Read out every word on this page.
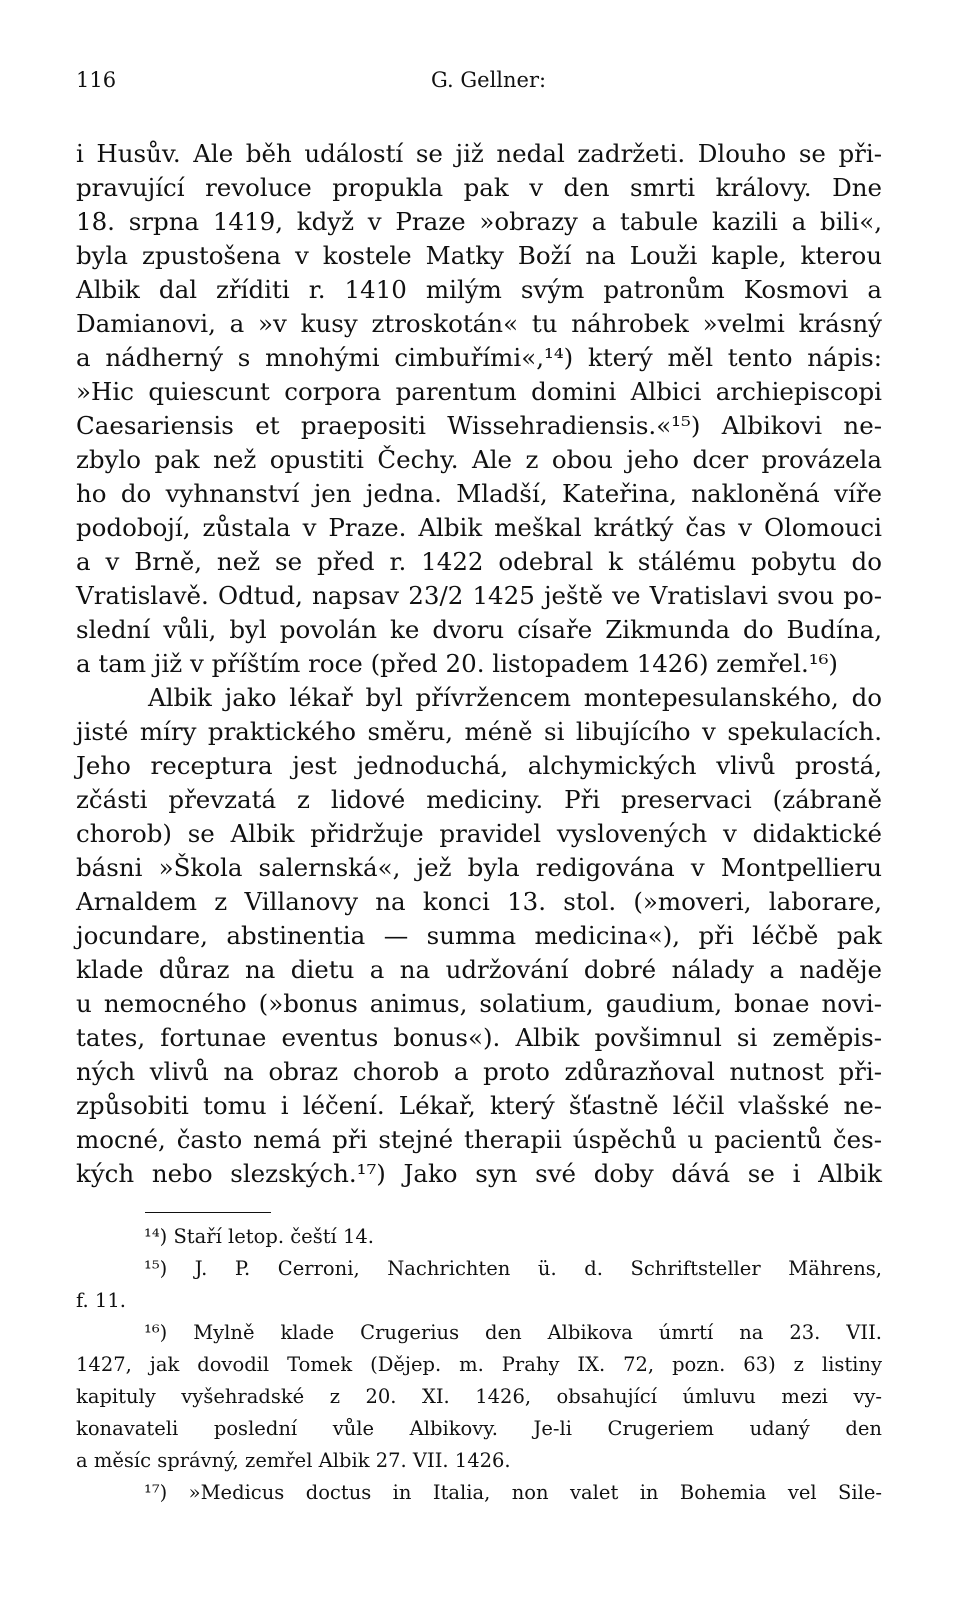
116	G. Gellner:
i Husův. Ale běh událostí se již nedal zadržeti. Dlouho se při-
pravující revoluce propukla pak v den smrti královy. Dne
18. srpna 1419, když v Praze »obrazy a tabule kazili a bili«,
byla zpustošena v kostele Matky Boží na Louži kaple, kterou
Albik dal zříditi r. 1410 milým svým patronům Kosmovi a
Damianovi, a »v kusy ztroskotán« tu náhrobek »velmi krásný
a nádherný s mnohými cimbuřími«,¹⁴) který měl tento nápis:
»Hic quiescunt corpora parentum domini Albici archiepiscopi
Caesariensis et praepositi Wissehradiensis.«¹⁵) Albikovi ne-
zbylo pak než opustiti Čechy. Ale z obou jeho dcer provázela
ho do vyhnanství jen jedna. Mladší, Kateřina, nakloněná víře
podobojí, zůstala v Praze. Albik meškal krátký čas v Olomouci
a v Brně, než se před r. 1422 odebral k stálému pobytu do
Vratislavě. Odtud, napsav 23/2 1425 ještě ve Vratislavi svou po-
slední vůli, byl povolán ke dvoru císaře Zikmunda do Budína,
a tam již v příštím roce (před 20. listopadem 1426) zemřel.¹⁶)
Albik jako lékař byl přívržencem montepesulanského, do
jisté míry praktického směru, méně si libujícího v spekulacích.
Jeho receptura jest jednoduchá, alchymických vlivů prostá,
zčásti převzatá z lidové mediciny. Při preservaci (zábraně
chorob) se Albik přidržuje pravidel vyslovených v didaktické
básni »Škola salernská«, jež byla redigována v Montpellieru
Arnaldem z Villanovy na konci 13. stol. (»moveri, laborare,
jocundare, abstinentia — summa medicina«), při léčbě pak
klade důraz na dietu a na udržování dobré nálady a naděje
u nemocného (»bonus animus, solatium, gaudium, bonae novi-
tates, fortunae eventus bonus«). Albik povšimnul si zeměpis-
ných vlivů na obraz chorob a proto zdůrazňoval nutnost při-
způsobiti tomu i léčení. Lékař, který šťastně léčil vlašské ne-
mocné, často nemá při stejné therapii úspěchů u pacientů čes-
kých nebo slezských.¹⁷) Jako syn své doby dává se i Albik
¹⁴) Staří letop. čeští 14.
¹⁵) J. P. Cerroni, Nachrichten ü. d. Schriftsteller Mährens,
f. 11.
¹⁶) Mylně klade Crugerius den Albikova úmrtí na 23. VII.
1427, jak dovodil Tomek (Dějep. m. Prahy IX. 72, pozn. 63) z listiny
kapituly vyšehradské z 20. XI. 1426, obsahující úmluvu mezi vy-
konavateli poslední vůle Albikovy. Je-li Crugeriem udaný den
a měsíc správný, zemřel Albik 27. VII. 1426.
¹⁷) »Medicus doctus in Italia, non valet in Bohemia vel Sile-
